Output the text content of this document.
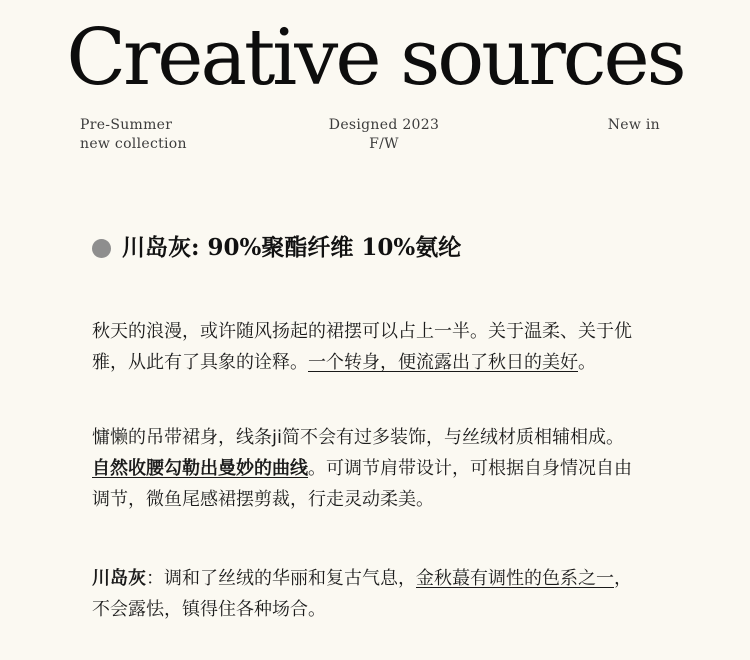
Creative sources
Pre-Summer
new collection
Designed 2023
F/W
New in
川岛灰: 90%聚酯纤维 10%氨纶
秋天的浪漫，或许随风扬起的裙摆可以占上一半。关于温柔、关于优
雅，从此有了具象的诠释。一个转身，便流露出了秋日的美好。
慵懒的吊带裙身，线条ji简不会有过多装饰，与丝绒材质相辅相成。
自然收腰勾勒出曼妙的曲线。可调节肩带设计，可根据自身情况自由
调节，微鱼尾感裙摆剪裁，行走灵动柔美。
川岛灰：调和了丝绒的华丽和复古气息，金秋蕞有调性的色系之一，
不会露怯，镇得住各种场合。
